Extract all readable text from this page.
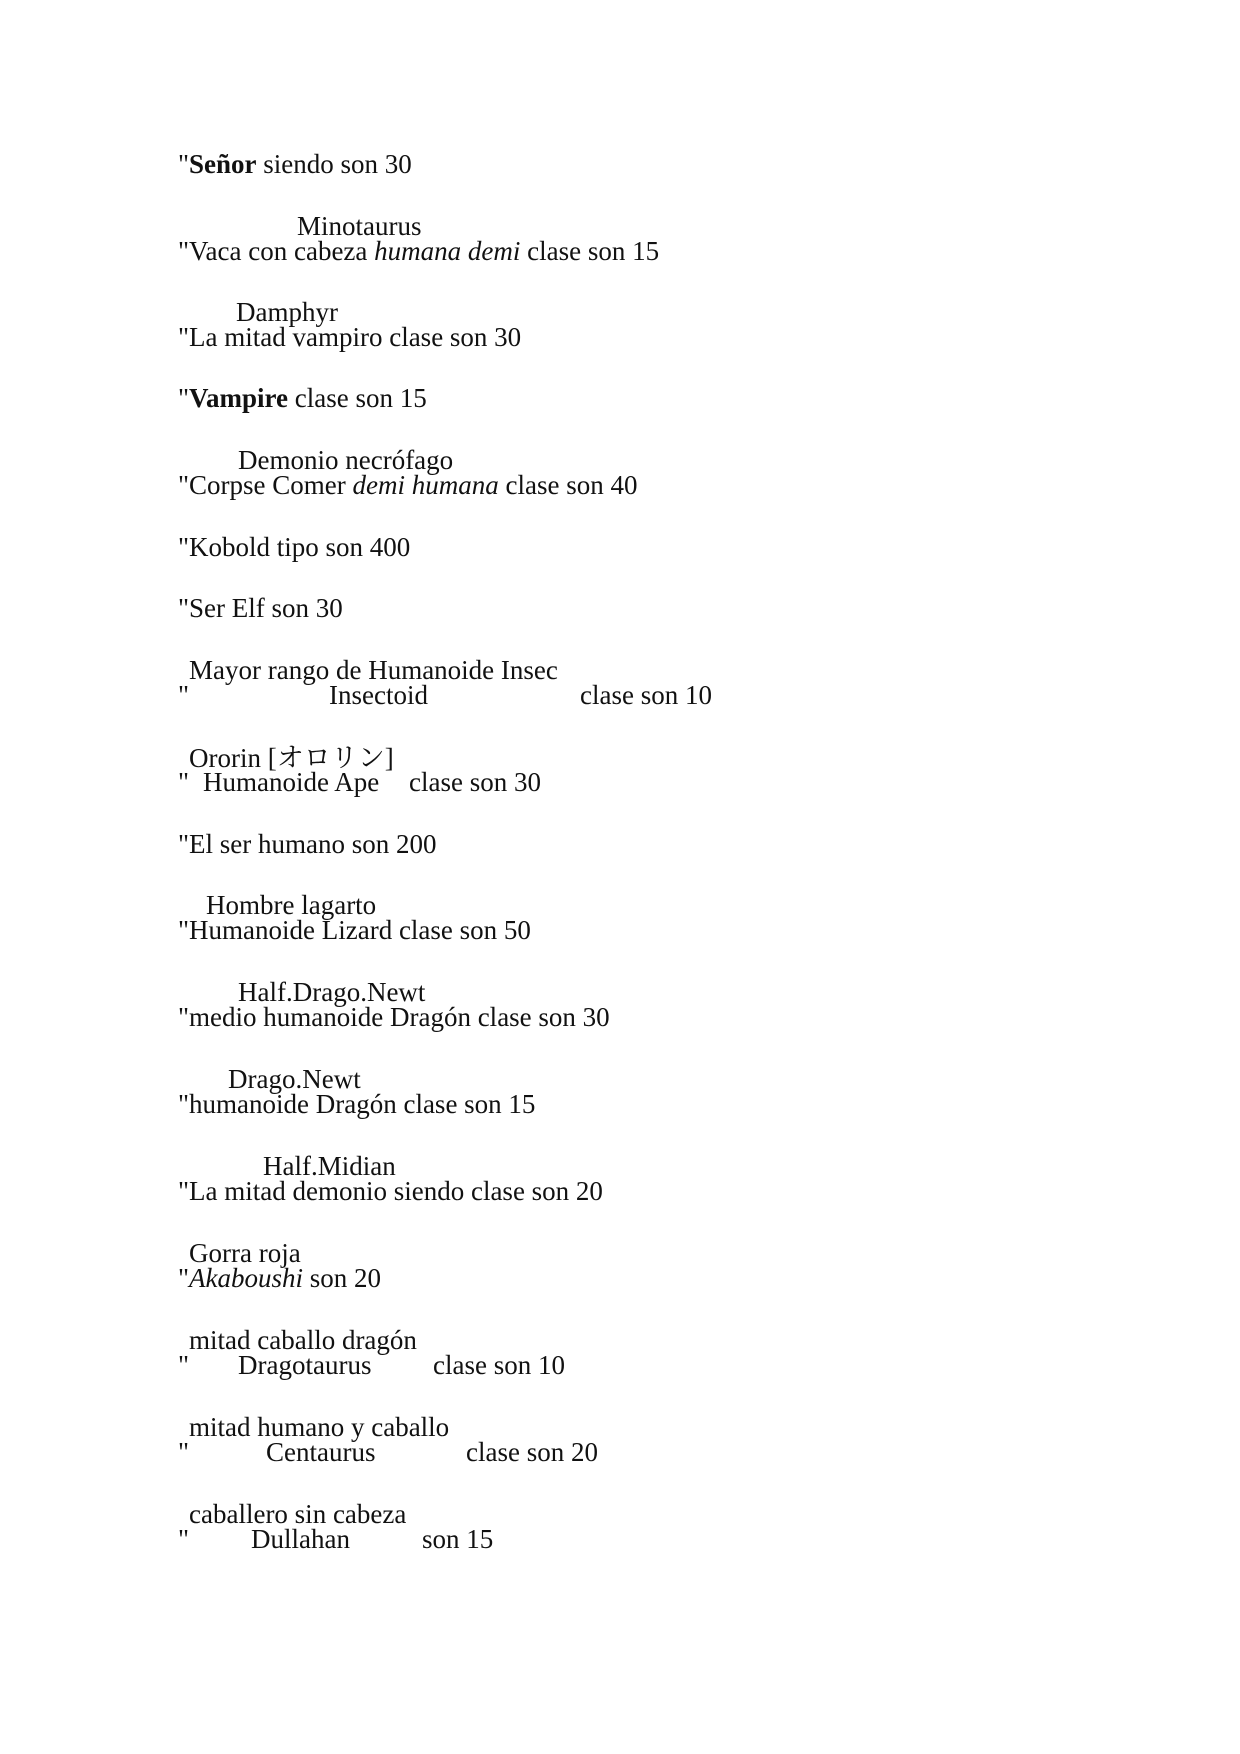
"Señor siendo son 30
Minotaurus
"Vaca con cabeza humana demi clase son 15
Damphyr
"La mitad vampiro clase son 30
"Vampire clase son 15
Demonio necrófago
"Corpse Comer demi humana clase son 40
"Kobold tipo son 400
"Ser Elf son 30
Mayor rango de Humanoide Insec
"	Insectoid	clase son 10
Ororin [オロリン]
" Humanoide Ape clase son 30
"El ser humano son 200
Hombre lagarto
"Humanoide Lizard clase son 50
Half.Drago.Newt
"medio humanoide Dragón clase son 30
Drago.Newt
"humanoide Dragón clase son 15
Half.Midian
"La mitad demonio siendo clase son 20
Gorra roja
"Akaboushi son 20
mitad caballo dragón
" Dragotaurus clase son 10
mitad humano y caballo
"	Centaurus	clase son 20
caballero sin cabeza
" Dullahan	son 15
